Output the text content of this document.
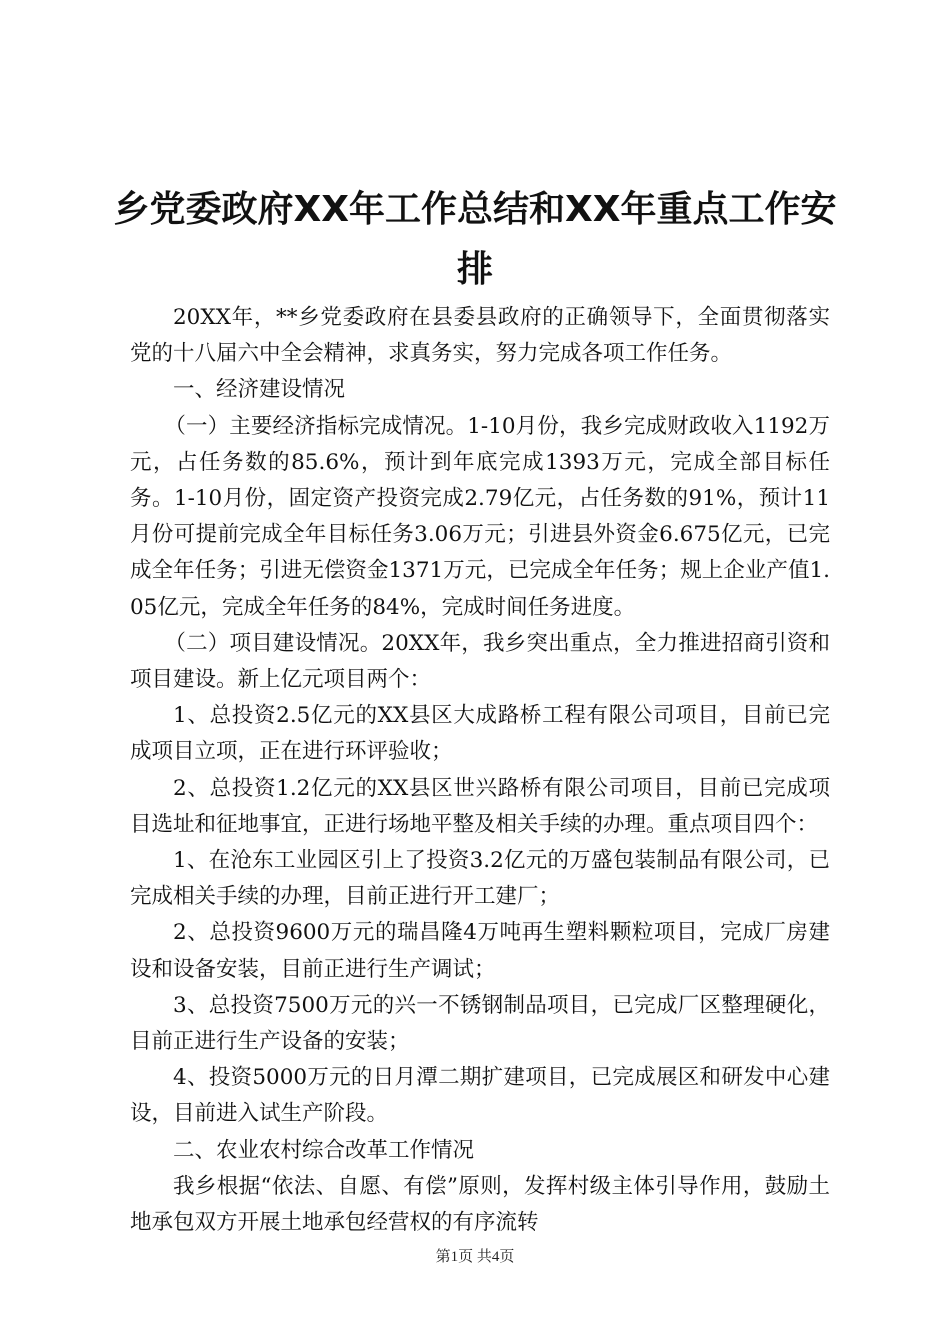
乡党委政府XX年工作总结和XX年重点工作安
排

20XX年，**乡党委政府在县委县政府的正确领导下，全面贯彻落实党的十八届六中全会精神，求真务实，努力完成各项工作任务。

一、经济建设情况

（一）主要经济指标完成情况。1-10月份，我乡完成财政收入1192万元，占任务数的85.6%，预计到年底完成1393万元，完成全部目标任务。1-10月份，固定资产投资完成2.79亿元，占任务数的91%，预计11月份可提前完成全年目标任务3.06万元；引进县外资金6.675亿元，已完成全年任务；引进无偿资金1371万元，已完成全年任务；规上企业产值1.05亿元，完成全年任务的84%，完成时间任务进度。

（二）项目建设情况。20XX年，我乡突出重点，全力推进招商引资和项目建设。新上亿元项目两个：

1、总投资2.5亿元的XX县区大成路桥工程有限公司项目，目前已完成项目立项，正在进行环评验收；

2、总投资1.2亿元的XX县区世兴路桥有限公司项目，目前已完成项目选址和征地事宜，正进行场地平整及相关手续的办理。重点项目四个：

1、在沧东工业园区引上了投资3.2亿元的万盛包装制品有限公司，已完成相关手续的办理，目前正进行开工建厂；

2、总投资9600万元的瑞昌隆4万吨再生塑料颗粒项目，完成厂房建设和设备安装，目前正进行生产调试；

3、总投资7500万元的兴一不锈钢制品项目，已完成厂区整理硬化，目前正进行生产设备的安装；

4、投资5000万元的日月潭二期扩建项目，已完成展区和研发中心建设，目前进入试生产阶段。

二、农业农村综合改革工作情况

我乡根据“依法、自愿、有偿”原则，发挥村级主体引导作用，鼓励土地承包双方开展土地承包经营权的有序流转

第1页 共4页
